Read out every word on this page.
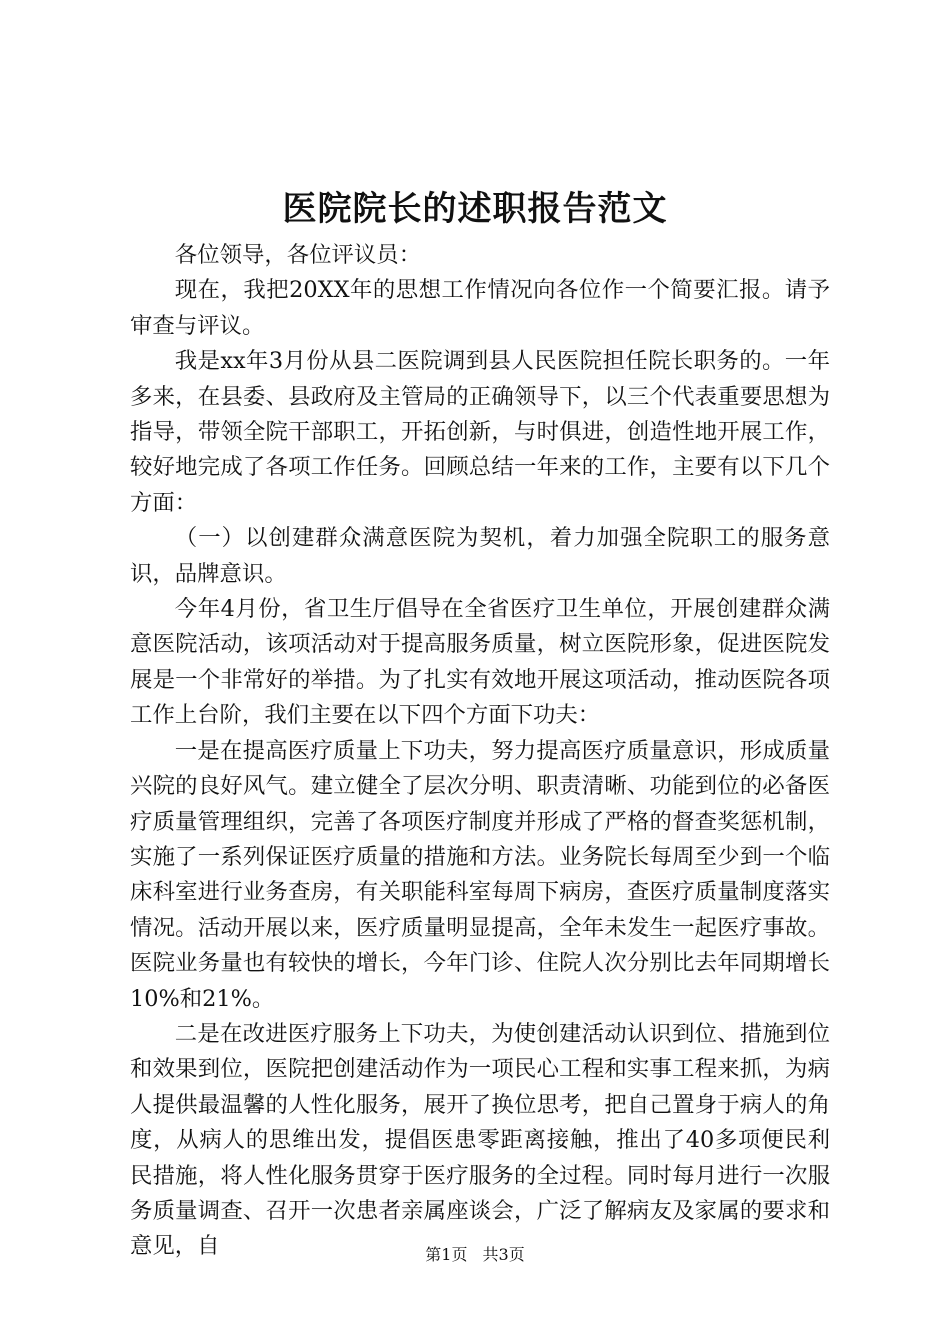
医院院长的述职报告范文

各位领导，各位评议员：

现在，我把20XX年的思想工作情况向各位作一个简要汇报。请予审查与评议。

我是xx年3月份从县二医院调到县人民医院担任院长职务的。一年多来，在县委、县政府及主管局的正确领导下，以三个代表重要思想为指导，带领全院干部职工，开拓创新，与时俱进，创造性地开展工作，较好地完成了各项工作任务。回顾总结一年来的工作，主要有以下几个方面：

（一）以创建群众满意医院为契机，着力加强全院职工的服务意识，品牌意识。

今年4月份，省卫生厅倡导在全省医疗卫生单位，开展创建群众满意医院活动，该项活动对于提高服务质量，树立医院形象，促进医院发展是一个非常好的举措。为了扎实有效地开展这项活动，推动医院各项工作上台阶，我们主要在以下四个方面下功夫：

一是在提高医疗质量上下功夫，努力提高医疗质量意识，形成质量兴院的良好风气。建立健全了层次分明、职责清晰、功能到位的必备医疗质量管理组织，完善了各项医疗制度并形成了严格的督查奖惩机制，实施了一系列保证医疗质量的措施和方法。业务院长每周至少到一个临床科室进行业务查房，有关职能科室每周下病房，查医疗质量制度落实情况。活动开展以来，医疗质量明显提高，全年未发生一起医疗事故。医院业务量也有较快的增长，今年门诊、住院人次分别比去年同期增长10%和21%。

二是在改进医疗服务上下功夫，为使创建活动认识到位、措施到位和效果到位，医院把创建活动作为一项民心工程和实事工程来抓，为病人提供最温馨的人性化服务，展开了换位思考，把自己置身于病人的角度，从病人的思维出发，提倡医患零距离接触，推出了40多项便民利民措施，将人性化服务贯穿于医疗服务的全过程。同时每月进行一次服务质量调查、召开一次患者亲属座谈会，广泛了解病友及家属的要求和意见，自	第1页 共3页
